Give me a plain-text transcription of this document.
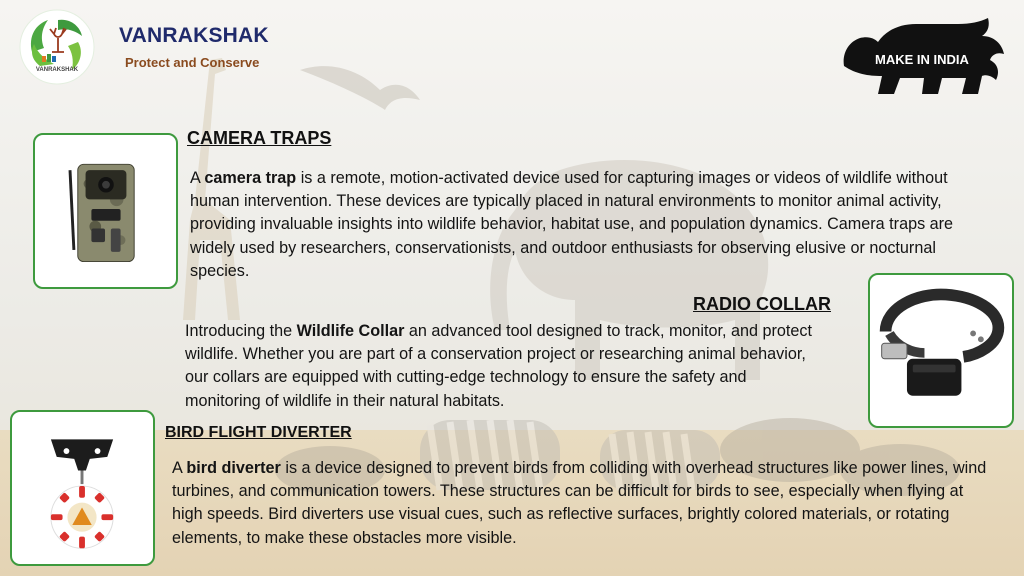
VANRAKSHAK
VANRAKSHAK
Protect and Conserve	MAKE IN INDIA
CAMERA TRAPS
A camera trap is a remote, motion-activated device used for capturing images or videos of wildlife without human intervention. These devices are typically placed in natural environments to monitor animal activity, providing invaluable insights into wildlife behavior, habitat use, and population dynamics. Camera traps are widely used by researchers, conservationists, and outdoor enthusiasts for observing elusive or nocturnal species.
RADIO COLLAR
Introducing the Wildlife Collar an advanced tool designed to track, monitor, and protect wildlife. Whether you are part of a conservation project or researching animal behavior, our collars are equipped with cutting-edge technology to ensure the safety and monitoring of wildlife in their natural habitats.
BIRD FLIGHT DIVERTER
A bird diverter is a device designed to prevent birds from colliding with overhead structures like power lines, wind turbines, and communication towers. These structures can be difficult for birds to see, especially when flying at high speeds. Bird diverters use visual cues, such as reflective surfaces, brightly colored materials, or rotating elements, to make these obstacles more visible.
